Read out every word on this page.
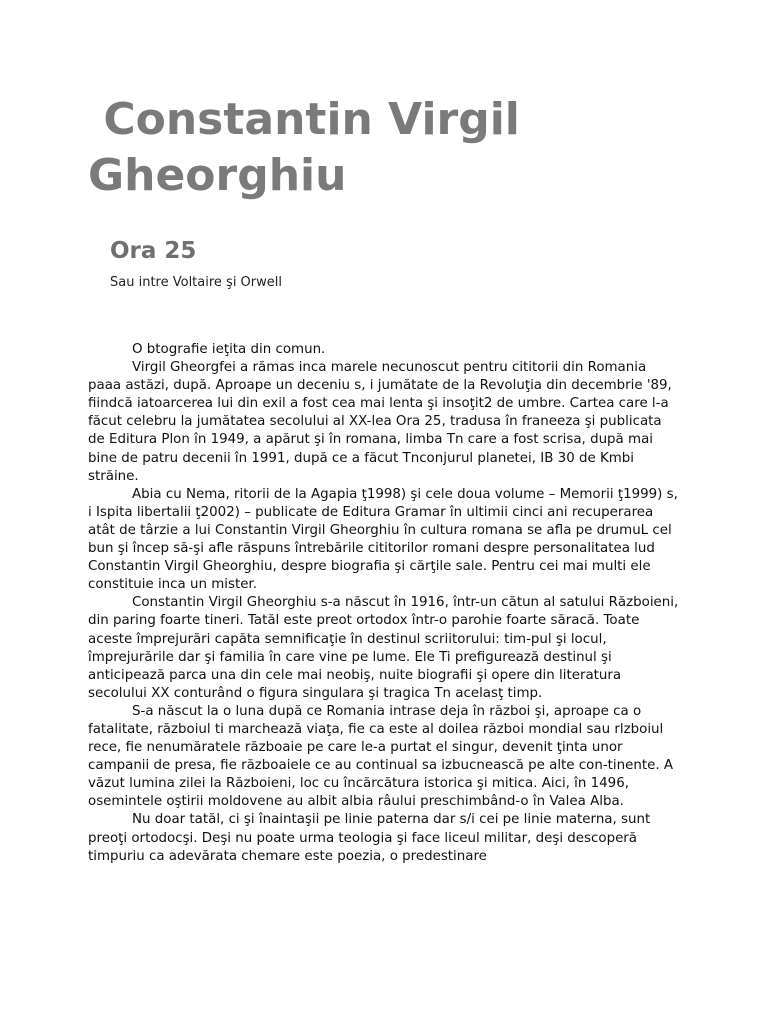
Constantin Virgil Gheorghiu
Ora 25

Sau intre Voltaire şi Orwell

O btografie ieţita din comun.

Virgil Gheorgfei a rămas inca marele necunoscut pentru cititorii din Romania paaa astăzi, după. Aproape un deceniu s, i jumătate de la Revoluţia din decembrie '89, fiindcă iatoarcerea lui din exil a fost cea mai lenta şi insoţit2 de umbre. Cartea care l-a făcut celebru la jumătatea secolului al XX-lea Ora 25, tradusa în franeeza şi publicata de Editura Plon în 1949, a apărut şi în romana, limba Tn care a fost scrisa, după mai bine de patru decenii în 1991, după ce a făcut Tnconjurul planetei, IB 30 de Kmbi străine.

Abia cu Nema, ritorii de la Agapia ţ1998) şi cele doua volume – Memorii ţ1999) s, i Ispita libertalii ţ2002) – publicate de Editura Gramar în ultimii cinci ani recuperarea atât de târzie a lui Constantin Virgil Gheorghiu în cultura romana se afla pe drumuL cel bun şi încep să-şi afle răspuns întrebările cititorilor romani despre personalitatea lud Constantin Virgil Gheorghiu, despre biografia şi cărţile sale. Pentru cei mai multi ele constituie inca un mister.

Constantin Virgil Gheorghiu s-a născut în 1916, într-un cătun al satului Războieni, din paring foarte tineri. Tatăl este preot ortodox într-o parohie foarte săracă. Toate aceste împrejurări capăta semnificaţie în destinul scriitorului: tim-pul şi locul, împrejurările dar şi familia în care vine pe lume. Ele Ti prefigurează destinul şi anticipează parca una din cele mai neobiş, nuite biografii şi opere din literatura secolului XX conturând o figura singulara şi tragica Tn acelasţ timp.

S-a născut la o luna după ce Romania intrase deja în război şi, aproape ca o fatalitate, războiul ti marchează viaţa, fie ca este al doilea război mondial sau rlzboiul rece, fie nenumăratele războaie pe care le-a purtat el singur, devenit ţinta unor campanii de presa, fie războaiele ce au continual sa izbucnească pe alte con-tinente. A văzut lumina zilei la Războieni, loc cu încărcătura istorica şi mitica. Aici, în 1496, osemintele oştirii moldovene au albit albia râului preschimbând-o în Valea Alba.

Nu doar tatăl, ci şi înaintaşii pe linie paterna dar s/i cei pe linie materna, sunt preoţi ortodocşi. Deşi nu poate urma teologia şi face liceul militar, deşi descoperă timpuriu ca adevărata chemare este poezia, o predestinare
